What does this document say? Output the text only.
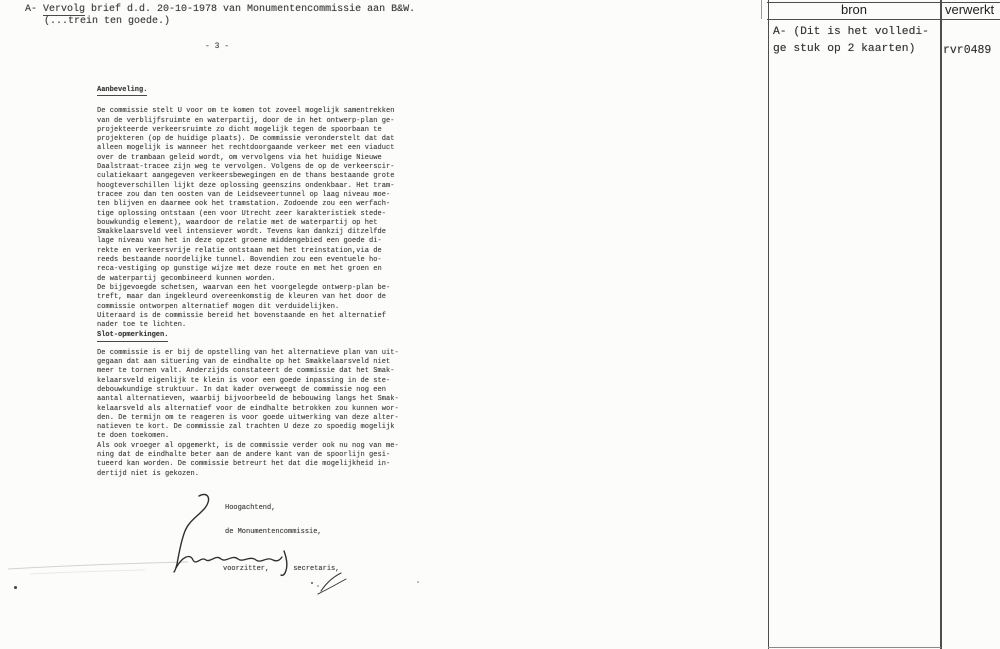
A- Vervolg brief d.d. 20-10-1978 van Monumentencommissie aan B&W.
(...trein ten goede.)
- 3 -
Aanbeveling.
De commissie stelt U voor om te komen tot zoveel mogelijk samentrekken
van de verblijfsruimte en waterpartij, door de in het ontwerp-plan ge-
projekteerde verkeersruimte zo dicht mogelijk tegen de spoorbaan te
projekteren (op de huidige plaats). De commissie veronderstelt dat dat
alleen mogelijk is wanneer het rechtdoorgaande verkeer met een viaduct
over de trambaan geleid wordt, om vervolgens via het huidige Nieuwe
Daalstraat-tracee zijn weg te vervolgen. Volgens de op de verkeerscir-
culatiekaart aangegeven verkeersbewegingen en de thans bestaande grote
hoogteverschillen lijkt deze oplossing geenszins ondenkbaar. Het tram-
tracee zou dan ten oosten van de Leidseveertunnel op laag niveau moe-
ten blijven en daarmee ook het tramstation. Zodoende zou een werfach-
tige oplossing ontstaan (een voor Utrecht zeer karakteristiek stede-
bouwkundig element), waardoor de relatie met de waterpartij op het
Smakkelaarsveld veel intensiever wordt. Tevens kan dankzij ditzelfde
lage niveau van het in deze opzet groene middengebied een goede di-
rekte en verkeersvrije relatie ontstaan met het treinstation,via de
reeds bestaande noordelijke tunnel. Bovendien zou een eventuele ho-
reca-vestiging op gunstige wijze met deze route en met het groen en
de waterpartij gecombineerd kunnen worden.
De bijgevoegde schetsen, waarvan een het voorgelegde ontwerp-plan be-
treft, maar dan ingekleurd overeenkomstig de kleuren van het door de
commissie ontworpen alternatief mogen dit verduidelijken.
Uiteraard is de commissie bereid het bovenstaande en het alternatief
nader toe te lichten.
Slot-opmerkingen.
De commissie is er bij de opstelling van het alternatieve plan van uit-
gegaan dat aan situering van de eindhalte op het Smakkelaarsveld niet
meer te tornen valt. Anderzijds constateert de commissie dat het Smak-
kelaarsveld eigenlijk te klein is voor een goede inpassing in de ste-
debouwkundige struktuur. In dat kader overweegt de commissie nog een
aantal alternatieven, waarbij bijvoorbeeld de bebouwing langs het Smak-
kelaarsveld als alternatief voor de eindhalte betrokken zou kunnen wor-
den. De termijn om te reageren is voor goede uitwerking van deze alter-
natieven te kort. De commissie zal trachten U deze zo spoedig mogelijk
te doen toekomen.
Als ook vroeger al opgemerkt, is de commissie verder ook nu nog van me-
ning dat de eindhalte beter aan de andere kant van de spoorlijn gesi-
tueerd kan worden. De commissie betreurt het dat die mogelijkheid in-
dertijd niet is gekozen.
Hoogachtend,
de Monumentencommissie,
voorzitter,	secretaris,
bron	verwerkt
A- (Dit is het volledi-
ge stuk op 2 kaarten)	rvr0489
